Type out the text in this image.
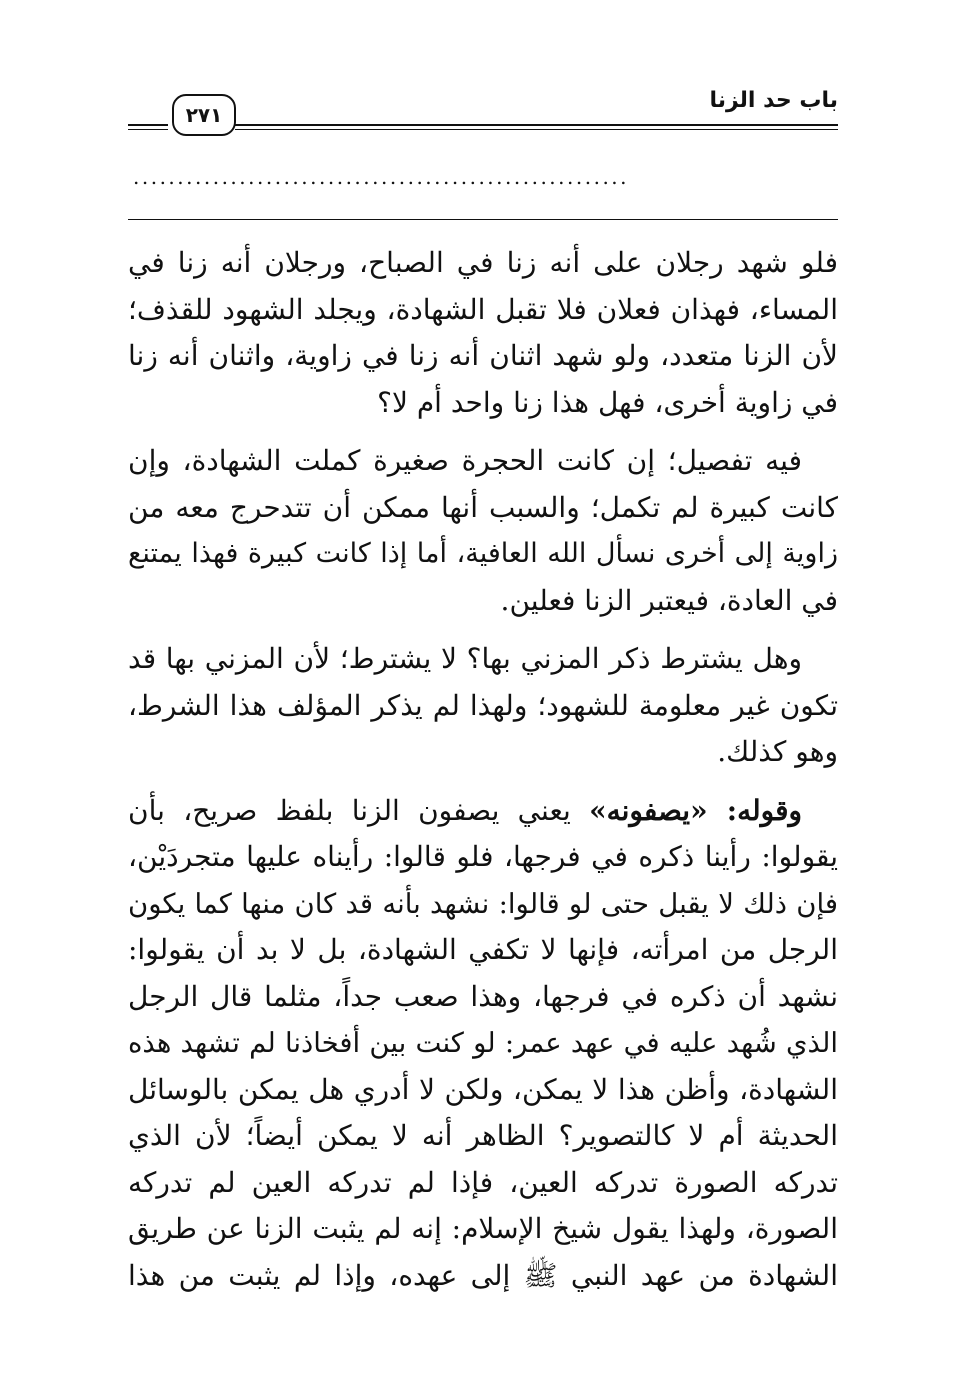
باب حد الزنا
٢٧١
........................................................
فلو شهد رجلان على أنه زنا في الصباح، ورجلان أنه زنا في
المساء، فهذان فعلان فلا تقبل الشهادة، ويجلد الشهود للقذف؛
لأن الزنا متعدد، ولو شهد اثنان أنه زنا في زاوية، واثنان أنه زنا
في زاوية أخرى، فهل هذا زنا واحد أم لا؟
فيه تفصيل؛ إن كانت الحجرة صغيرة كملت الشهادة، وإن
كانت كبيرة لم تكمل؛ والسبب أنها ممكن أن تتدحرج معه من
زاوية إلى أخرى نسأل الله العافية، أما إذا كانت كبيرة فهذا يمتنع
في العادة، فيعتبر الزنا فعلين.
وهل يشترط ذكر المزني بها؟ لا يشترط؛ لأن المزني بها قد
تكون غير معلومة للشهود؛ ولهذا لم يذكر المؤلف هذا الشرط،
وهو كذلك.
وقوله: «يصفونه» يعني يصفون الزنا بلفظ صريح، بأن
يقولوا: رأينا ذكره في فرجها، فلو قالوا: رأيناه عليها متجردَيْن،
فإن ذلك لا يقبل حتى لو قالوا: نشهد بأنه قد كان منها كما يكون
الرجل من امرأته، فإنها لا تكفي الشهادة، بل لا بد أن يقولوا:
نشهد أن ذكره في فرجها، وهذا صعب جداً، مثلما قال الرجل
الذي شُهد عليه في عهد عمر: لو كنت بين أفخاذنا لم تشهد هذه
الشهادة، وأظن هذا لا يمكن، ولكن لا أدري هل يمكن بالوسائل
الحديثة أم لا كالتصوير؟ الظاهر أنه لا يمكن أيضاً؛ لأن الذي
تدركه الصورة تدركه العين، فإذا لم تدركه العين لم تدركه
الصورة، ولهذا يقول شيخ الإسلام: إنه لم يثبت الزنا عن طريق
الشهادة من عهد النبي ﷺ إلى عهده، وإذا لم يثبت من هذا
